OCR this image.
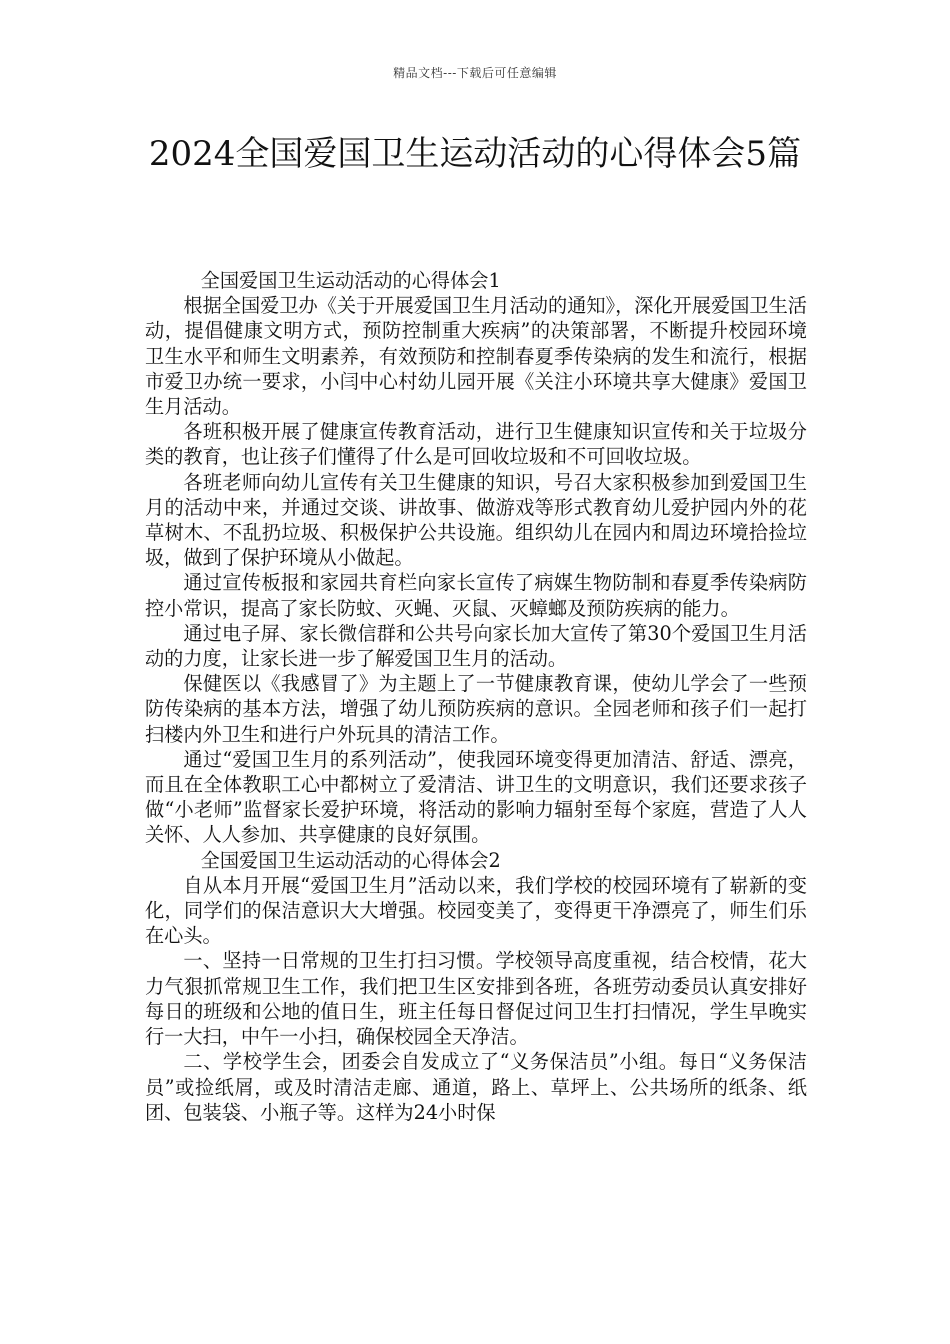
精品文档---下载后可任意编辑
2024全国爱国卫生运动活动的心得体会5篇

全国爱国卫生运动活动的心得体会1

根据全国爱卫办《关于开展爱国卫生月活动的通知》，深化开展爱国卫生活动，提倡健康文明方式，预防控制重大疾病”的决策部署，不断提升校园环境卫生水平和师生文明素养，有效预防和控制春夏季传染病的发生和流行，根据市爱卫办统一要求，小闫中心村幼儿园开展《关注小环境共享大健康》爱国卫生月活动。

各班积极开展了健康宣传教育活动，进行卫生健康知识宣传和关于垃圾分类的教育，也让孩子们懂得了什么是可回收垃圾和不可回收垃圾。

各班老师向幼儿宣传有关卫生健康的知识，号召大家积极参加到爱国卫生月的活动中来，并通过交谈、讲故事、做游戏等形式教育幼儿爱护园内外的花草树木、不乱扔垃圾、积极保护公共设施。组织幼儿在园内和周边环境拾捡垃圾，做到了保护环境从小做起。

通过宣传板报和家园共育栏向家长宣传了病媒生物防制和春夏季传染病防控小常识，提高了家长防蚊、灭蝇、灭鼠、灭蟑螂及预防疾病的能力。

通过电子屏、家长微信群和公共号向家长加大宣传了第30个爱国卫生月活动的力度，让家长进一步了解爱国卫生月的活动。

保健医以《我感冒了》为主题上了一节健康教育课，使幼儿学会了一些预防传染病的基本方法，增强了幼儿预防疾病的意识。全园老师和孩子们一起打扫楼内外卫生和进行户外玩具的清洁工作。

通过“爱国卫生月的系列活动”，使我园环境变得更加清洁、舒适、漂亮，而且在全体教职工心中都树立了爱清洁、讲卫生的文明意识，我们还要求孩子做“小老师”监督家长爱护环境，将活动的影响力辐射至每个家庭，营造了人人关怀、人人参加、共享健康的良好氛围。

全国爱国卫生运动活动的心得体会2

自从本月开展“爱国卫生月”活动以来，我们学校的校园环境有了崭新的变化，同学们的保洁意识大大增强。校园变美了，变得更干净漂亮了，师生们乐在心头。

一、坚持一日常规的卫生打扫习惯。学校领导高度重视，结合校情，花大力气狠抓常规卫生工作，我们把卫生区安排到各班，各班劳动委员认真安排好每日的班级和公地的值日生，班主任每日督促过问卫生打扫情况，学生早晚实行一大扫，中午一小扫，确保校园全天净洁。

二、学校学生会，团委会自发成立了“义务保洁员”小组。每日“义务保洁员”或捡纸屑，或及时清洁走廊、通道，路上、草坪上、公共场所的纸条、纸团、包装袋、小瓶子等。这样为24小时保
